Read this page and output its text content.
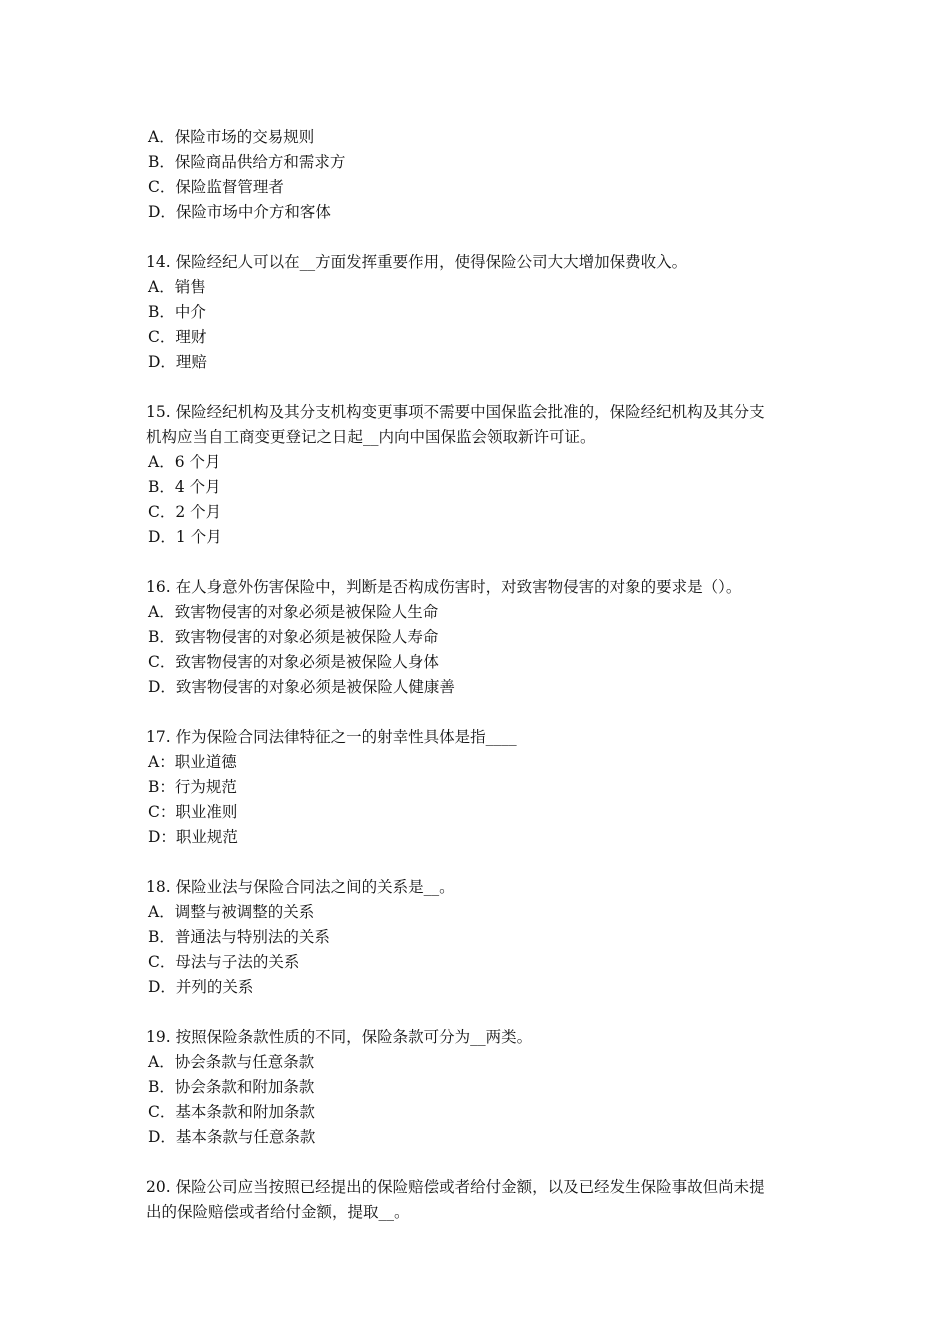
A．保险市场的交易规则

B．保险商品供给方和需求方

C．保险监督管理者

D．保险市场中介方和客体

14. 保险经纪人可以在__方面发挥重要作用，使得保险公司大大增加保费收入。

A．销售

B．中介

C．理财

D．理赔

15. 保险经纪机构及其分支机构变更事项不需要中国保监会批准的，保险经纪机构及其分支

机构应当自工商变更登记之日起__内向中国保监会领取新许可证。

A．6 个月

B．4 个月

C．2 个月

D．1 个月

16. 在人身意外伤害保险中，判断是否构成伤害时，对致害物侵害的对象的要求是（）。

A．致害物侵害的对象必须是被保险人生命

B．致害物侵害的对象必须是被保险人寿命

C．致害物侵害的对象必须是被保险人身体

D．致害物侵害的对象必须是被保险人健康善

17. 作为保险合同法律特征之一的射幸性具体是指____

A：职业道德

B：行为规范

C：职业准则

D：职业规范

18. 保险业法与保险合同法之间的关系是__。

A．调整与被调整的关系

B．普通法与特别法的关系

C．母法与子法的关系

D．并列的关系

19. 按照保险条款性质的不同，保险条款可分为__两类。

A．协会条款与任意条款

B．协会条款和附加条款

C．基本条款和附加条款

D．基本条款与任意条款

20. 保险公司应当按照已经提出的保险赔偿或者给付金额，以及已经发生保险事故但尚未提

出的保险赔偿或者给付金额，提取__。
